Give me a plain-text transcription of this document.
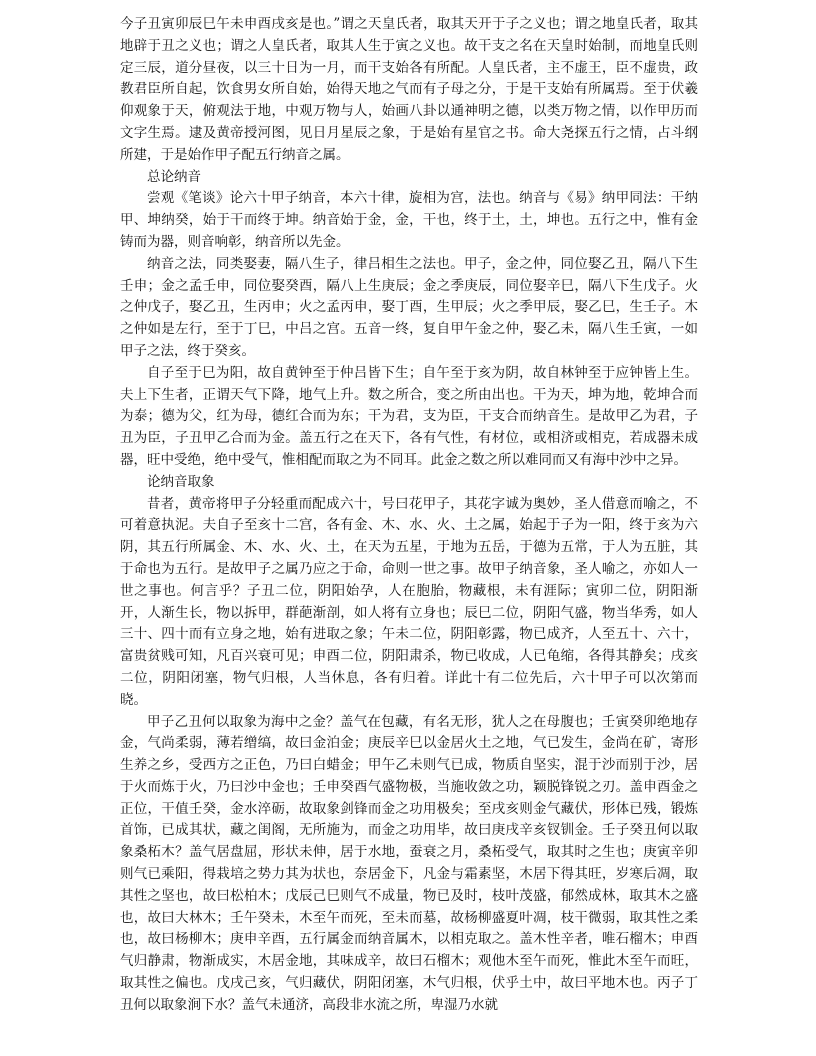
今子丑寅卯辰巳午未申酉戌亥是也。”谓之天皇氏者，取其天开于子之义也；谓之地皇氏者，取其地辟于丑之义也；谓之人皇氏者，取其人生于寅之义也。故干支之名在天皇时始制，而地皇氏则定三辰，道分昼夜，以三十日为一月，而干支始各有所配。人皇氏者，主不虚王，臣不虚贵，政教君臣所自起，饮食男女所自始，始得天地之气而有子母之分，于是干支始有所属焉。至于伏羲仰观象于天，俯观法于地，中观万物与人，始画八卦以通神明之德，以类万物之情，以作甲历而文字生焉。逮及黄帝授河图，见日月星辰之象，于是始有星官之书。命大尧探五行之情，占斗纲所建，于是始作甲子配五行纳音之属。

总论纳音

尝观《笔谈》论六十甲子纳音，本六十律，旋相为宫，法也。纳音与《易》纳甲同法：干纳甲、坤纳癸，始于干而终于坤。纳音始于金，金，干也，终于土，土，坤也。五行之中，惟有金铸而为器，则音响彰，纳音所以先金。

纳音之法，同类娶妻，隔八生子，律吕相生之法也。甲子，金之仲，同位娶乙丑，隔八下生壬申；金之孟壬申，同位娶癸酉，隔八上生庚辰；金之季庚辰，同位娶辛巳，隔八下生戊子。火之仲戊子，娶乙丑，生丙申；火之孟丙申，娶丁酉，生甲辰；火之季甲辰，娶乙巳，生壬子。木之仲如是左行，至于丁巳，中吕之宫。五音一终，复自甲午金之仲，娶乙未，隔八生壬寅，一如甲子之法，终于癸亥。

自子至于巳为阳，故自黄钟至于仲吕皆下生；自午至于亥为阴，故自林钟至于应钟皆上生。夫上下生者，正谓天气下降，地气上升。数之所合，变之所由出也。干为天，坤为地，乾坤合而为泰；德为父，红为母，德红合而为东；干为君，支为臣，干支合而纳音生。是故甲乙为君，子丑为臣，子丑甲乙合而为金。盖五行之在天下，各有气性，有材位，或相济或相克，若成器未成器，旺中受绝，绝中受气，惟相配而取之为不同耳。此金之数之所以难同而又有海中沙中之异。

论纳音取象

昔者，黄帝将甲子分轻重而配成六十，号曰花甲子，其花字诚为奥妙，圣人借意而喻之，不可着意执泥。夫自子至亥十二宫，各有金、木、水、火、土之属，始起于子为一阳，终于亥为六阴，其五行所属金、木、水、火、土，在天为五星，于地为五岳，于德为五常，于人为五脏，其于命也为五行。是故甲子之属乃应之于命，命则一世之事。故甲子纳音象，圣人喻之，亦如人一世之事也。何言乎？子丑二位，阴阳始孕，人在胞胎，物藏根，未有涯际；寅卯二位，阴阳渐开，人渐生长，物以拆甲，群葩渐剖，如人将有立身也；辰巳二位，阴阳气盛，物当华秀，如人三十、四十而有立身之地，始有进取之象；午未二位，阴阳彰露，物已成齐，人至五十、六十，富贵贫贱可知，凡百兴衰可见；申酉二位，阴阳肃杀，物已收成，人已龟缩，各得其静矣；戌亥二位，阴阳闭塞，物气归根，人当休息，各有归着。详此十有二位先后，六十甲子可以次第而晓。

甲子乙丑何以取象为海中之金？盖气在包藏，有名无形，犹人之在母腹也；壬寅癸卯绝地存金，气尚柔弱，薄若缯缟，故曰金泊金；庚辰辛巳以金居火土之地，气已发生，金尚在矿，寄形生养之乡，受西方之正色，乃曰白蜡金；甲午乙未则气已成，物质自坚实，混于沙而别于沙，居于火而炼于火，乃曰沙中金也；壬申癸酉气盛物极，当施收敛之功，颖脱锋锐之刃。盖申酉金之正位，干值壬癸，金水淬砺，故取象剑锋而金之功用极矣；至戌亥则金气藏伏，形体已残，锻炼首饰，已成其状，藏之闺阁，无所施为，而金之功用毕，故曰庚戌辛亥钗钏金。壬子癸丑何以取象桑柘木？盖气居盘屈，形状未伸，居于水地，蚕衰之月，桑柘受气，取其时之生也；庚寅辛卯则气已乘阳，得栽培之势力其为状也，奈居金下，凡金与霜素坚，木居下得其旺，岁寒后凋，取其性之坚也，故曰松柏木；戊辰己巳则气不成量，物已及时，枝叶茂盛，郁然成林，取其木之盛也，故曰大林木；壬午癸未，木至午而死，至未而墓，故杨柳盛夏叶凋，枝干微弱，取其性之柔也，故曰杨柳木；庚申辛酉，五行属金而纳音属木，以相克取之。盖木性辛者，唯石榴木；申酉气归静肃，物渐成实，木居金地，其味成辛，故曰石榴木；观他木至午而死，惟此木至午而旺，取其性之偏也。戊戌己亥，气归藏伏，阴阳闭塞，木气归根，伏乎土中，故曰平地木也。丙子丁丑何以取象涧下水？盖气未通济，高段非水流之所，卑湿乃水就
